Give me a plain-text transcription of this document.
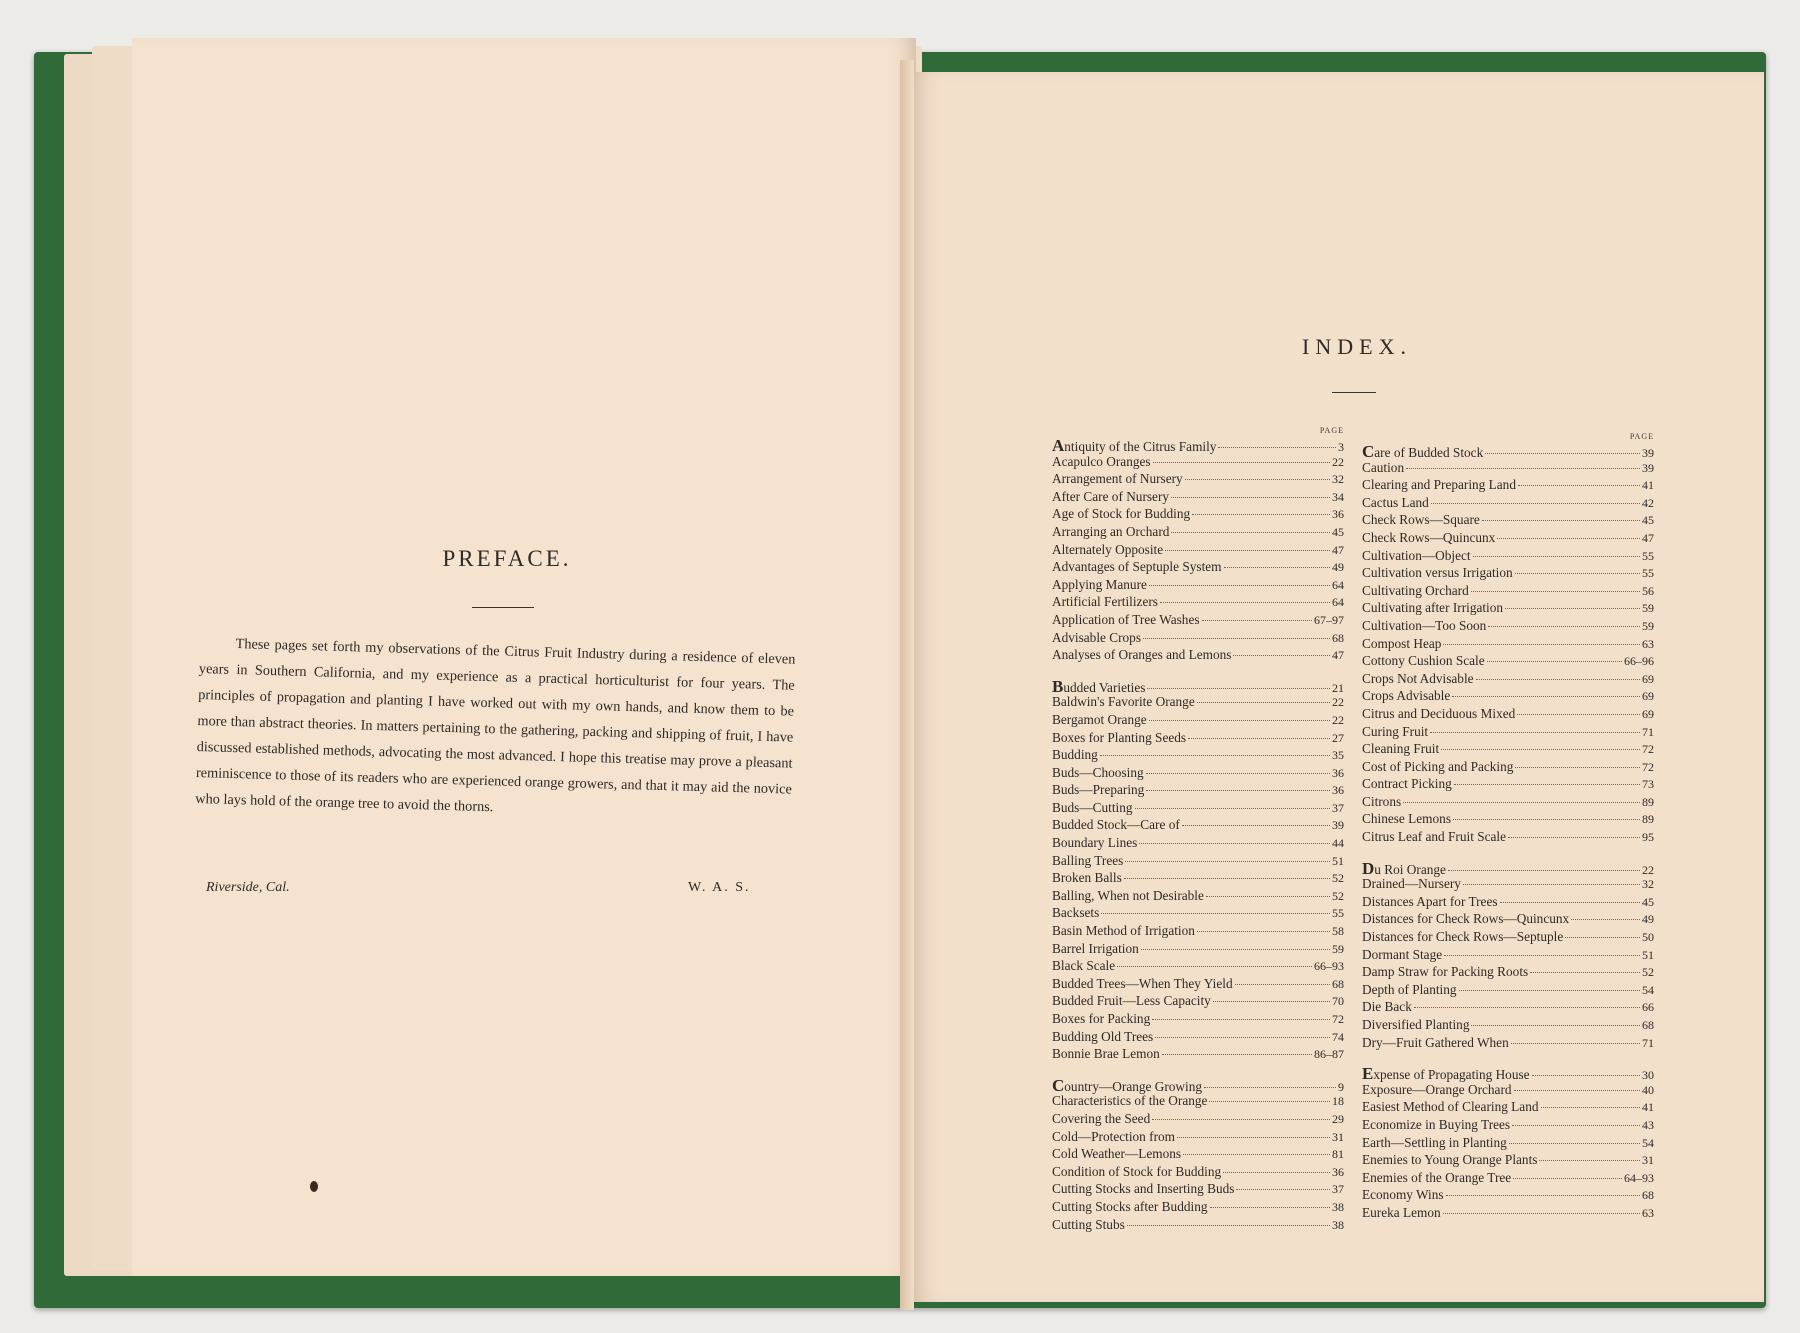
PREFACE.

These pages set forth my observations of the Citrus Fruit Industry during a residence of eleven years in Southern California, and my experience as a practical horticulturist for four years. The principles of propagation and planting I have worked out with my own hands, and know them to be more than abstract theories. In matters pertaining to the gathering, packing and shipping of fruit, I have discussed established methods, advocating the most advanced. I hope this treatise may prove a pleasant reminiscence to those of its readers who are experienced orange growers, and that it may aid the novice who lays hold of the orange tree to avoid the thorns.

Riverside, Cal.	W. A. S.
INDEX.
PAGE
Antiquity of the Citrus Family	3
Acapulco Oranges	22
Arrangement of Nursery	32
After Care of Nursery	34
Age of Stock for Budding	36
Arranging an Orchard	45
Alternately Opposite	47
Advantages of Septuple System	49
Applying Manure	64
Artificial Fertilizers	64
Application of Tree Washes	67–97
Advisable Crops	68
Analyses of Oranges and Lemons	47
Budded Varieties	21
Baldwin's Favorite Orange	22
Bergamot Orange	22
Boxes for Planting Seeds	27
Budding	35
Buds—Choosing	36
Buds—Preparing	36
Buds—Cutting	37
Budded Stock—Care of	39
Boundary Lines	44
Balling Trees	51
Broken Balls	52
Balling, When not Desirable	52
Backsets	55
Basin Method of Irrigation	58
Barrel Irrigation	59
Black Scale	66–93
Budded Trees—When They Yield	68
Budded Fruit—Less Capacity	70
Boxes for Packing	72
Budding Old Trees	74
Bonnie Brae Lemon	86–87
Country—Orange Growing	9
Characteristics of the Orange	18
Covering the Seed	29
Cold—Protection from	31
Cold Weather—Lemons	81
Condition of Stock for Budding	36
Cutting Stocks and Inserting Buds	37
Cutting Stocks after Budding	38
Cutting Stubs	38
PAGE
Care of Budded Stock	39
Caution	39
Clearing and Preparing Land	41
Cactus Land	42
Check Rows—Square	45
Check Rows—Quincunx	47
Cultivation—Object	55
Cultivation versus Irrigation	55
Cultivating Orchard	56
Cultivating after Irrigation	59
Cultivation—Too Soon	59
Compost Heap	63
Cottony Cushion Scale	66–96
Crops Not Advisable	69
Crops Advisable	69
Citrus and Deciduous Mixed	69
Curing Fruit	71
Cleaning Fruit	72
Cost of Picking and Packing	72
Contract Picking	73
Citrons	89
Chinese Lemons	89
Citrus Leaf and Fruit Scale	95
Du Roi Orange	22
Drained—Nursery	32
Distances Apart for Trees	45
Distances for Check Rows—Quincunx	49
Distances for Check Rows—Septuple	50
Dormant Stage	51
Damp Straw for Packing Roots	52
Depth of Planting	54
Die Back	66
Diversified Planting	68
Dry—Fruit Gathered When	71
Expense of Propagating House	30
Exposure—Orange Orchard	40
Easiest Method of Clearing Land	41
Economize in Buying Trees	43
Earth—Settling in Planting	54
Enemies to Young Orange Plants	31
Enemies of the Orange Tree	64–93
Economy Wins	68
Eureka Lemon	63
